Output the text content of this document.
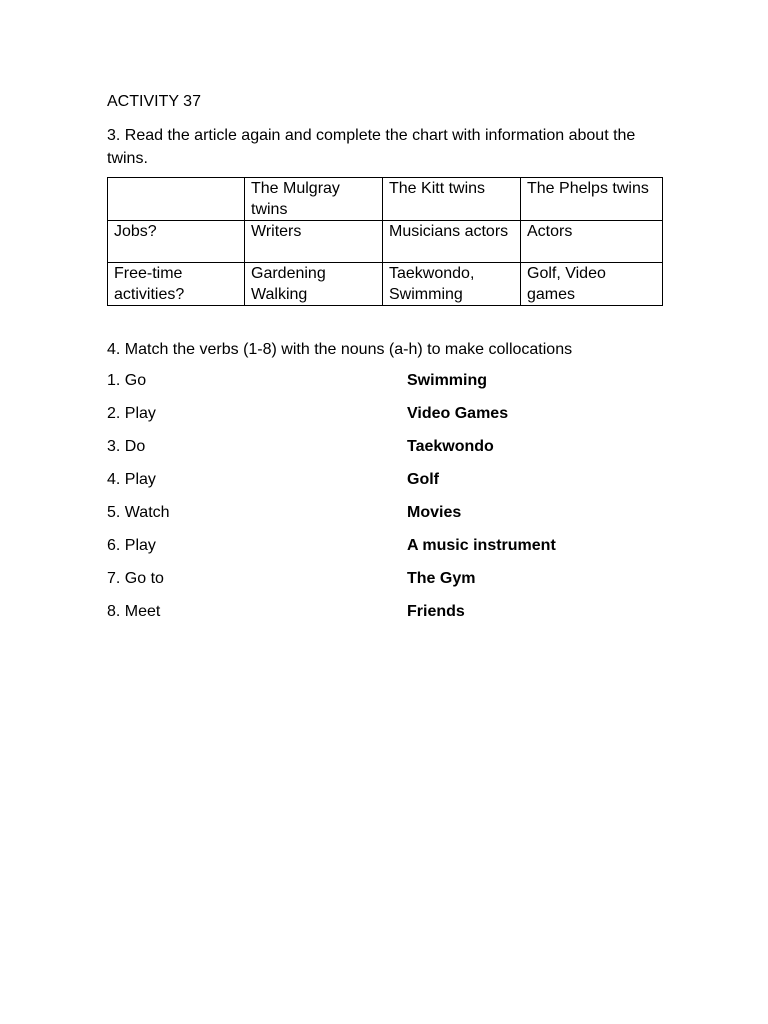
ACTIVITY 37
3. Read the article again and complete the chart with information about the twins.
	The Mulgray twins	The Kitt twins	The Phelps twins
Jobs?	Writers	Musicians actors	Actors
Free-time activities?	Gardening Walking	Taekwondo, Swimming	Golf, Video games
4. Match the verbs (1-8) with the nouns (a-h) to make collocations
1. Go	Swimming
2. Play	Video Games
3. Do	Taekwondo
4. Play	Golf
5. Watch	Movies
6. Play	A music instrument
7. Go to	The Gym
8. Meet	Friends
